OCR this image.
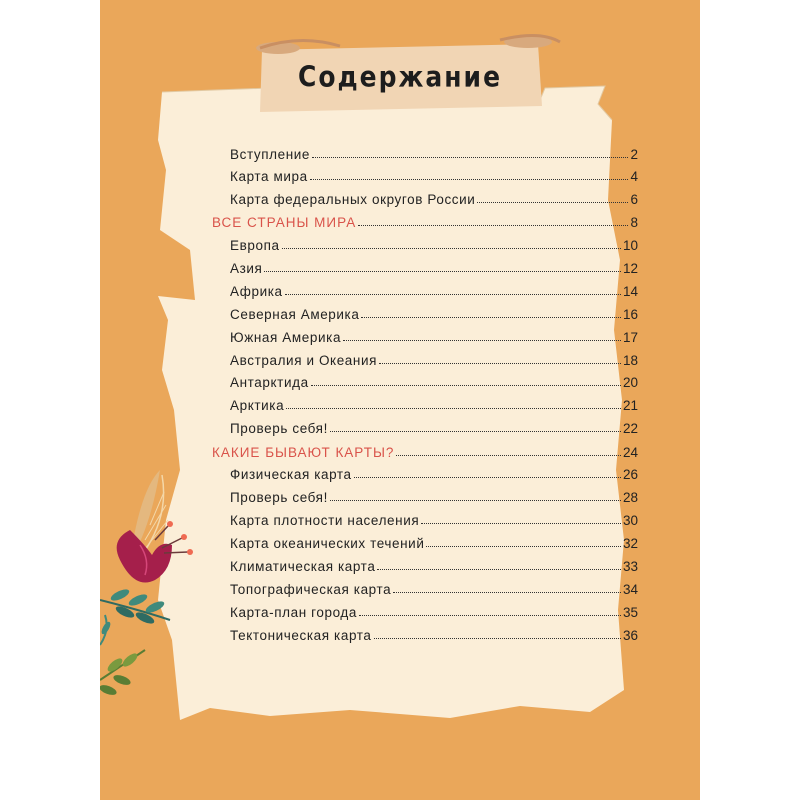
Содержание
Вступление	2
Карта мира	4
Карта федеральных округов России	6
ВСЕ СТРАНЫ МИРА	8
Европа	10
Азия	12
Африка	14
Северная Америка	16
Южная Америка	17
Австралия и Океания	18
Антарктида	20
Арктика	21
Проверь себя!	22
КАКИЕ БЫВАЮТ КАРТЫ?	24
Физическая карта	26
Проверь себя!	28
Карта плотности населения	30
Карта океанических течений	32
Климатическая карта	33
Топографическая карта	34
Карта-план города	35
Тектоническая карта	36
